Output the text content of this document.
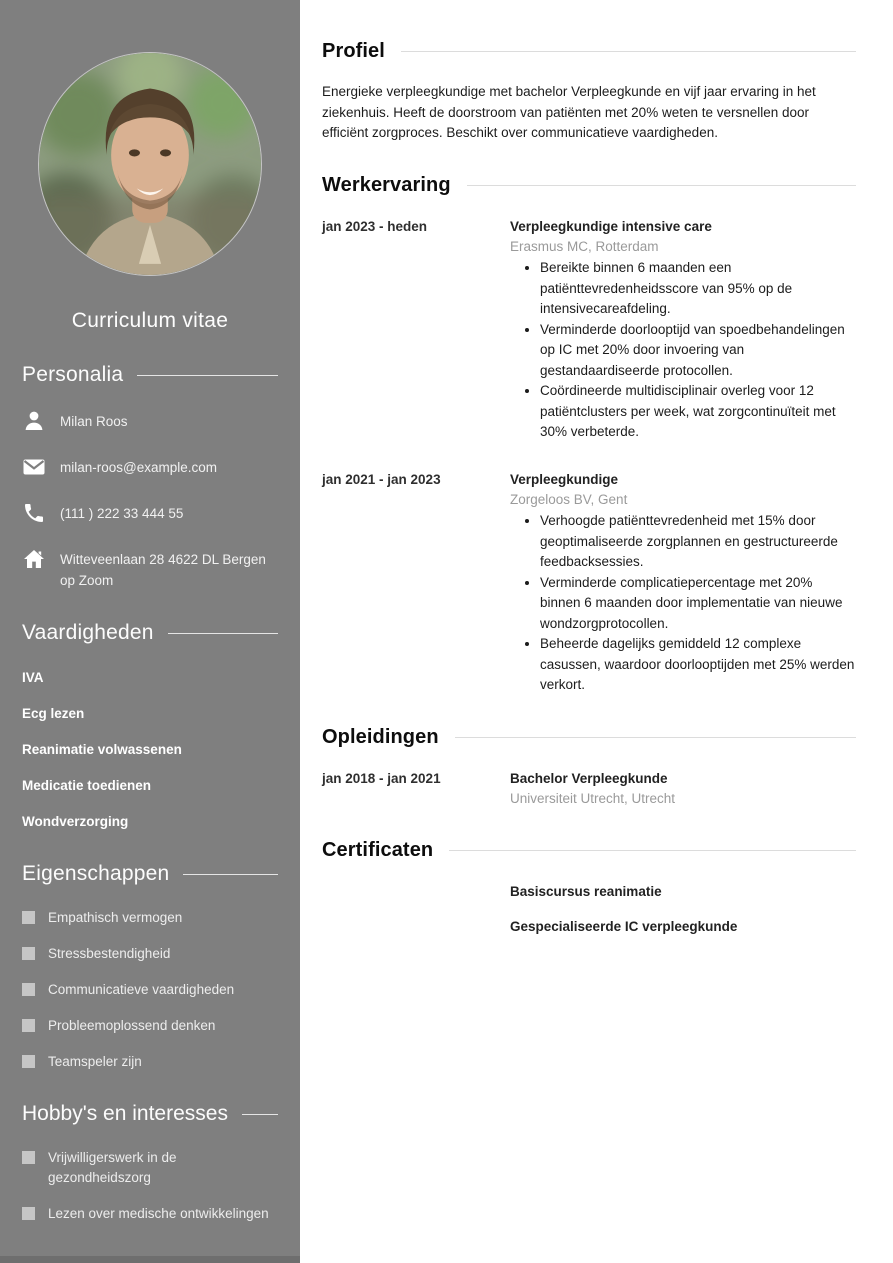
Curriculum vitae
Personalia
Milan Roos
milan-roos@example.com
(111 ) 222 33 444 55
Witteveenlaan 28 4622 DL Bergen op Zoom
Vaardigheden
IVA
Ecg lezen
Reanimatie volwassenen
Medicatie toedienen
Wondverzorging
Eigenschappen
Empathisch vermogen
Stressbestendigheid
Communicatieve vaardigheden
Probleemoplossend denken
Teamspeler zijn
Hobby's en interesses
Vrijwilligerswerk in de gezondheidszorg
Lezen over medische ontwikkelingen
Profiel

Energieke verpleegkundige met bachelor Verpleegkunde en vijf jaar ervaring in het ziekenhuis. Heeft de doorstroom van patiënten met 20% weten te versnellen door efficiënt zorgproces. Beschikt over communicatieve vaardigheden.

Werkervaring
jan 2023 - heden	Verpleegkundige intensive care
Erasmus MC, Rotterdam
• Bereikte binnen 6 maanden een patiënttevredenheidsscore van 95% op de intensivecareafdeling.
• Verminderde doorlooptijd van spoedbehandelingen op IC met 20% door invoering van gestandaardiseerde protocollen.
• Coördineerde multidisciplinair overleg voor 12 patiëntclusters per week, wat zorgcontinuïteit met 30% verbeterde.
jan 2021 - jan 2023	Verpleegkundige
Zorgeloos BV, Gent
• Verhoogde patiënttevredenheid met 15% door geoptimaliseerde zorgplannen en gestructureerde feedbacksessies.
• Verminderde complicatiepercentage met 20% binnen 6 maanden door implementatie van nieuwe wondzorgprotocollen.
• Beheerde dagelijks gemiddeld 12 complexe casussen, waardoor doorlooptijden met 25% werden verkort.
Opleidingen
jan 2018 - jan 2021	Bachelor Verpleegkunde
Universiteit Utrecht, Utrecht
Certificaten
Basiscursus reanimatie
Gespecialiseerde IC verpleegkunde
